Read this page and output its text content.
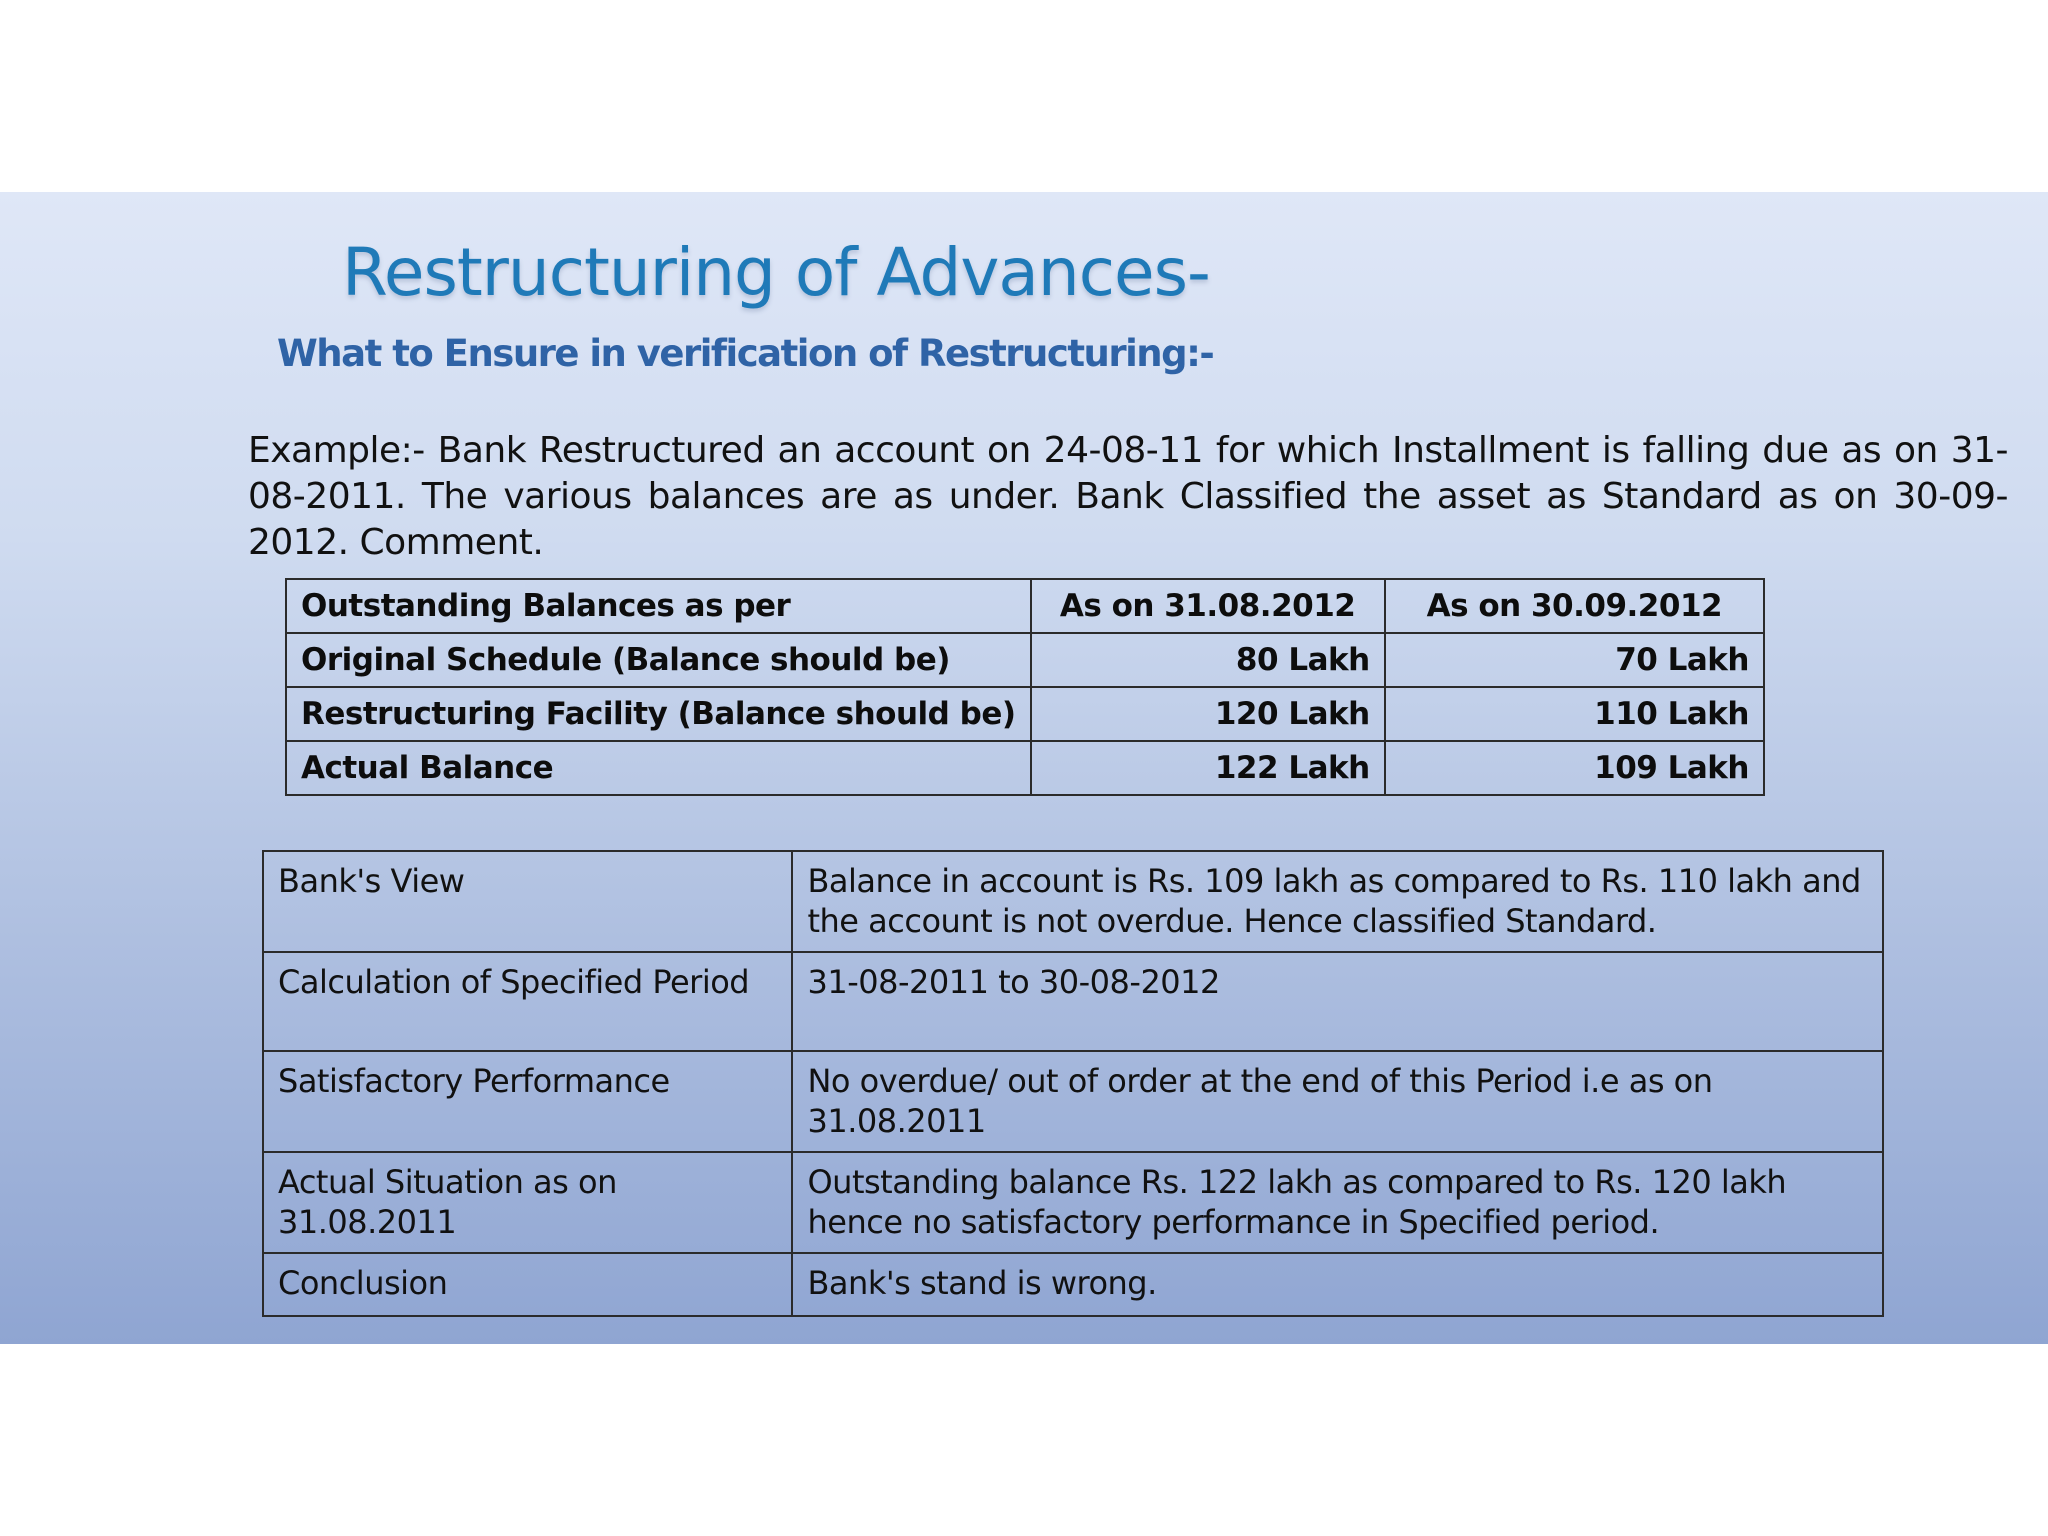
Restructuring of Advances-
What to Ensure in verification of Restructuring:-
Example:- Bank Restructured an account on 24-08-11 for which Installment is falling due as on 31-08-2011. The various balances are as under. Bank Classified the asset as Standard as on 30-09-2012. Comment.
Outstanding Balances as per	As on 31.08.2012	As on 30.09.2012
Original Schedule (Balance should be)	80 Lakh	70 Lakh
Restructuring Facility (Balance should be)	120 Lakh	110 Lakh
Actual Balance	122 Lakh	109 Lakh
Bank's View	Balance in account is Rs. 109 lakh as compared to Rs. 110 lakh and the account is not overdue. Hence classified Standard.
Calculation of Specified Period	31-08-2011 to 30-08-2012
Satisfactory Performance	No overdue/ out of order at the end of this Period i.e as on 31.08.2011
Actual Situation as on 31.08.2011	Outstanding balance Rs. 122 lakh as compared to Rs. 120 lakh hence no satisfactory performance in Specified period.
Conclusion	Bank's stand is wrong.
